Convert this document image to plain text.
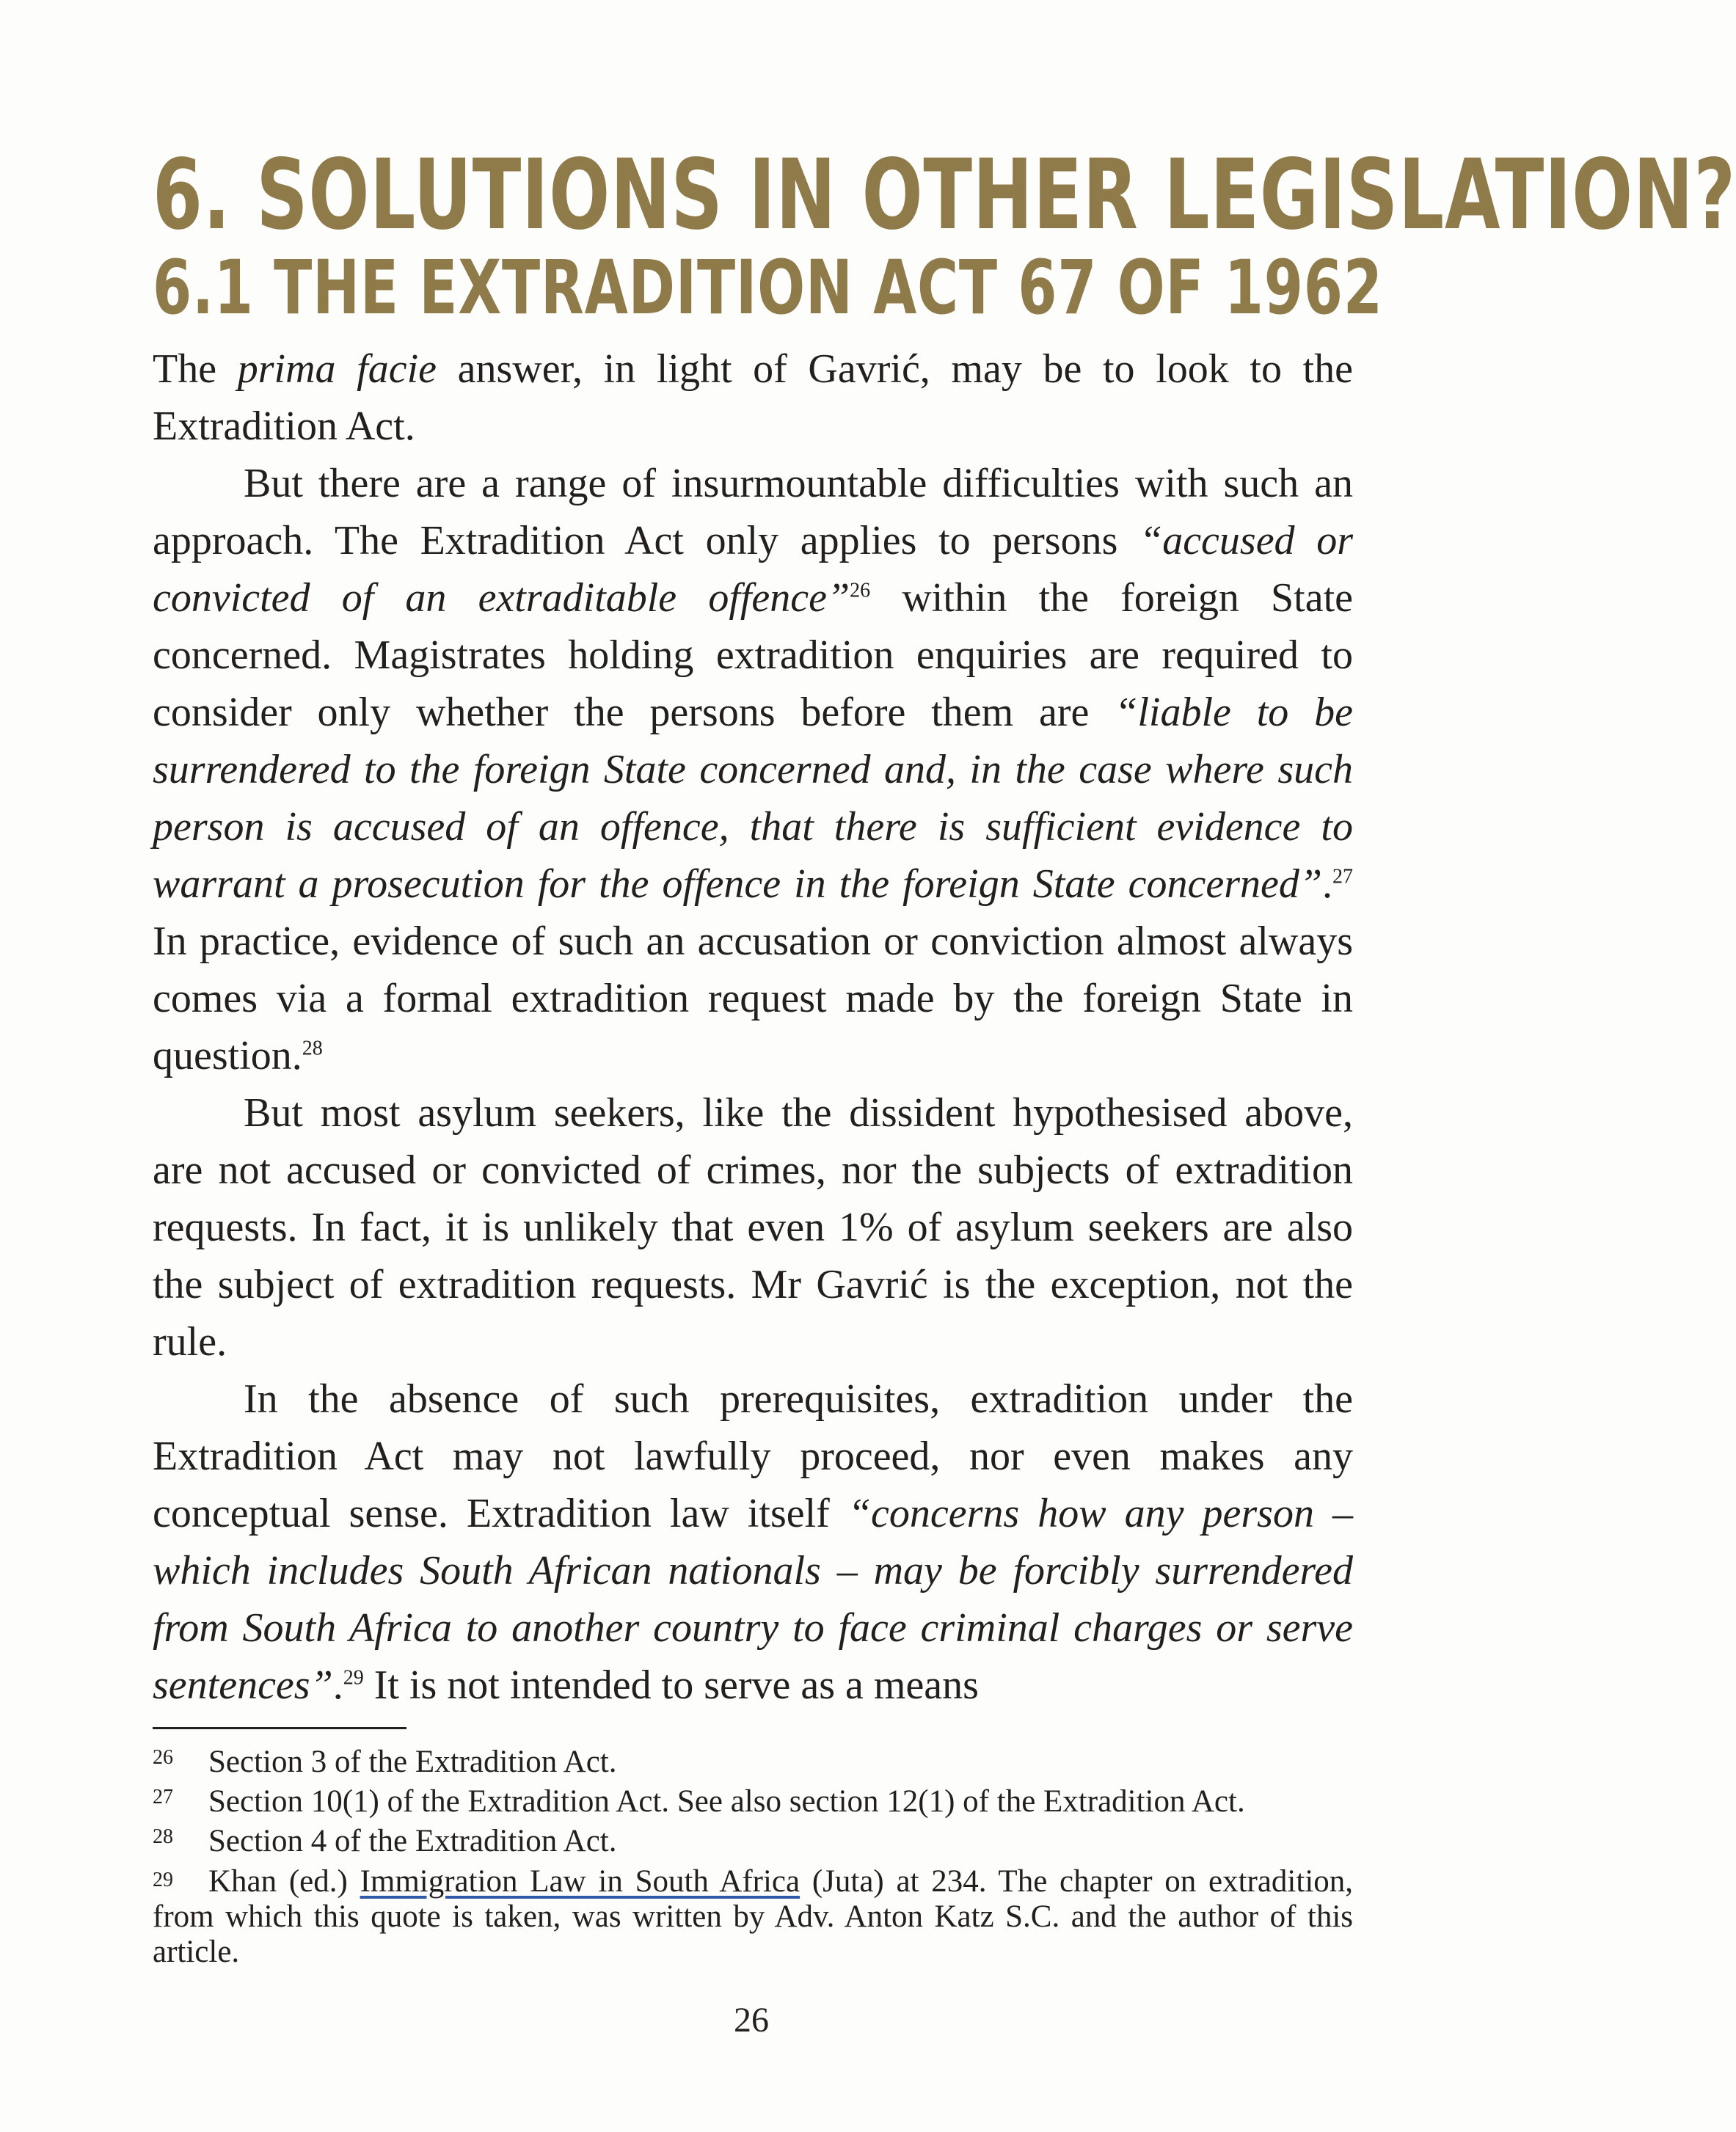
6. SOLUTIONS IN OTHER LEGISLATION?
6.1 THE EXTRADITION ACT 67 OF 1962

The prima facie answer, in light of Gavrić, may be to look to the Extradition Act.

But there are a range of insurmountable difficulties with such an approach. The Extradition Act only applies to persons “accused or convicted of an extraditable offence”$^{26}$ within the foreign State concerned. Magistrates holding extradition enquiries are required to consider only whether the persons before them are “liable to be surrendered to the foreign State concerned and, in the case where such person is accused of an offence, that there is sufficient evidence to warrant a prosecution for the offence in the foreign State concerned”.$^{27}$ In practice, evidence of such an accusation or conviction almost always comes via a formal extradition request made by the foreign State in question.$^{28}$

But most asylum seekers, like the dissident hypothesised above, are not accused or convicted of crimes, nor the subjects of extradition requests. In fact, it is unlikely that even 1% of asylum seekers are also the subject of extradition requests. Mr Gavrić is the exception, not the rule.

In the absence of such prerequisites, extradition under the Extradition Act may not lawfully proceed, nor even makes any conceptual sense. Extradition law itself “concerns how any person – which includes South African nationals – may be forcibly surrendered from South Africa to another country to face criminal charges or serve sentences”.$^{29}$ It is not intended to serve as a means

26 Section 3 of the Extradition Act.
27 Section 10(1) of the Extradition Act. See also section 12(1) of the Extradition Act.
28 Section 4 of the Extradition Act.

29 Khan (ed.) Immigration Law in South Africa (Juta) at 234. The chapter on extradition, from which this quote is taken, was written by Adv. Anton Katz S.C. and the author of this article.

26
